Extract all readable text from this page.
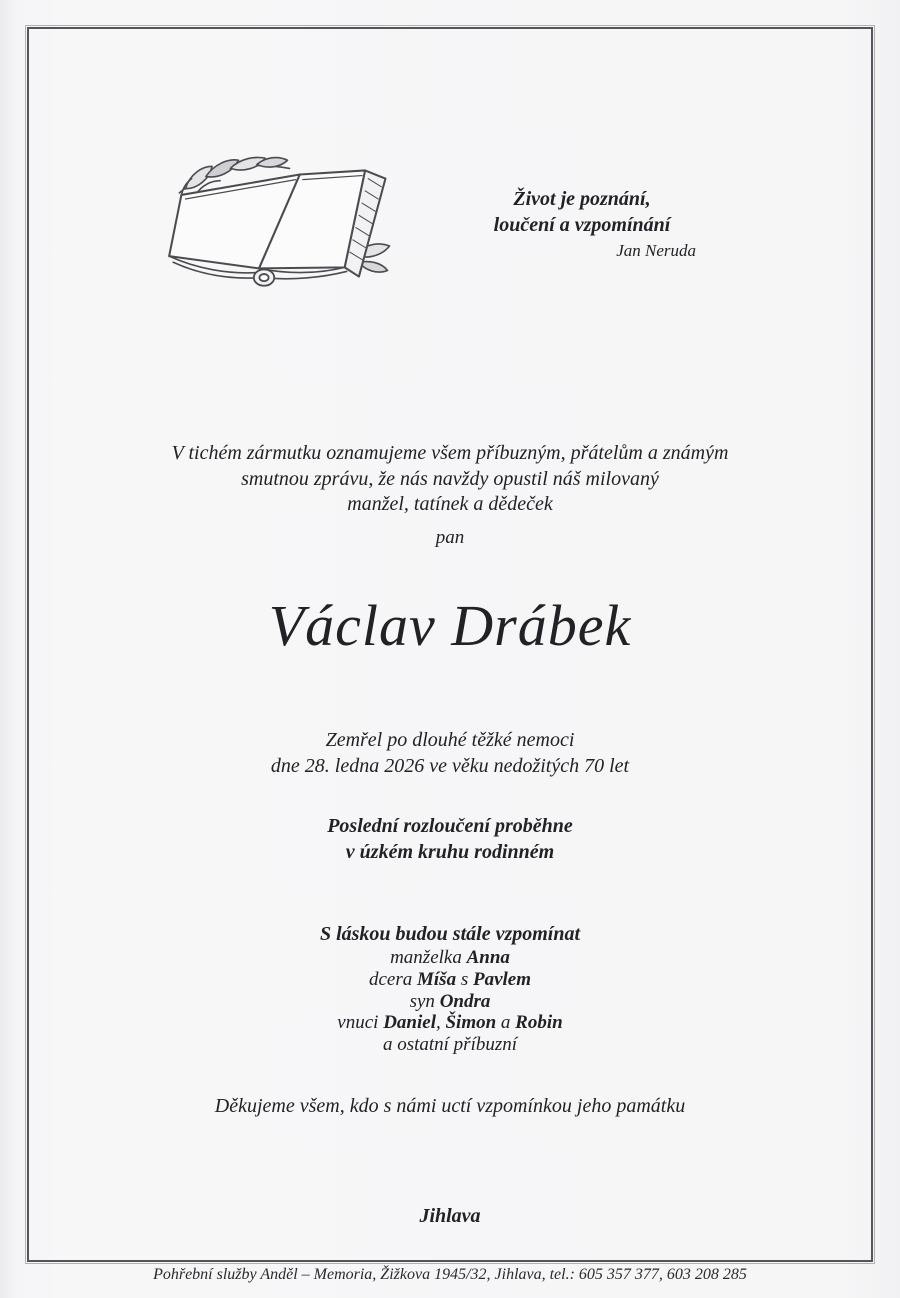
Život je poznání,
loučení a vzpomínání
Jan Neruda
V tichém zármutku oznamujeme všem příbuzným, přátelům a známým
smutnou zprávu, že nás navždy opustil náš milovaný
manžel, tatínek a dědeček
pan
Václav Drábek
Zemřel po dlouhé těžké nemoci
dne 28. ledna 2026 ve věku nedožitých 70 let
Poslední rozloučení proběhne
v úzkém kruhu rodinném
S láskou budou stále vzpomínat
manželka Anna
dcera Míša s Pavlem
syn Ondra
vnuci Daniel, Šimon a Robin
a ostatní příbuzní
Děkujeme všem, kdo s námi uctí vzpomínkou jeho památku
Jihlava
Pohřební služby Anděl – Memoria, Žižkova 1945/32, Jihlava, tel.: 605 357 377, 603 208 285
